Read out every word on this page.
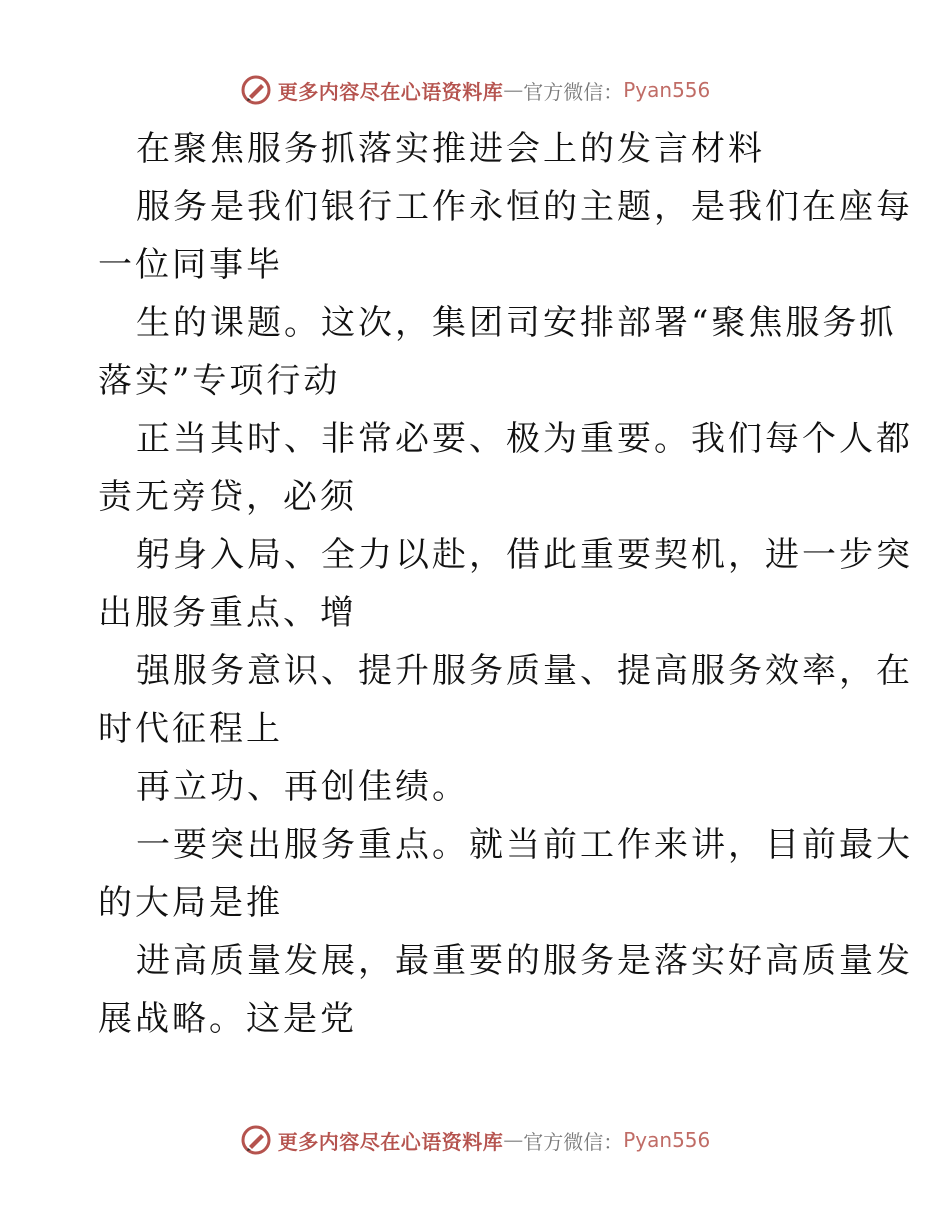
更多内容尽在心语资料库 — 官方微信： Pyan556
在聚焦服务抓落实推进会上的发言材料
服务是我们银行工作永恒的主题，是我们在座每
一位同事毕
生的课题。这次，集团司安排部署“聚焦服务抓
落实”专项行动
正当其时、非常必要、极为重要。我们每个人都
责无旁贷，必须
躬身入局、全力以赴，借此重要契机，进一步突
出服务重点、增
强服务意识、提升服务质量、提高服务效率，在
时代征程上
再立功、再创佳绩。
一要突出服务重点。就当前工作来讲，目前最大
的大局是推
进高质量发展，最重要的服务是落实好高质量发
展战略。这是党
更多内容尽在心语资料库 — 官方微信： Pyan556
